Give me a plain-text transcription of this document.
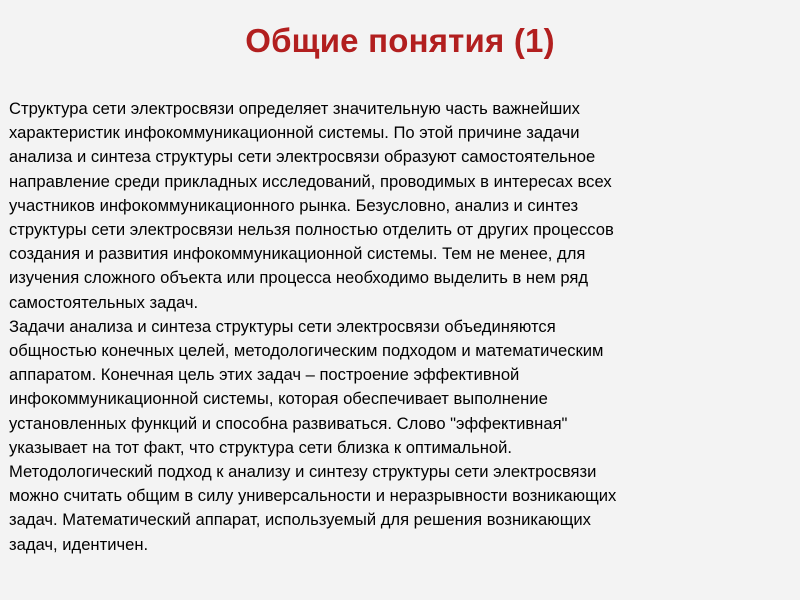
Общие понятия (1)
Структура сети электросвязи определяет значительную часть важнейших
характеристик инфокоммуникационной системы. По этой причине задачи
анализа и синтеза структуры сети электросвязи образуют самостоятельное
направление среди прикладных исследований, проводимых в интересах всех
участников инфокоммуникационного рынка. Безусловно, анализ и синтез
структуры сети электросвязи нельзя полностью отделить от других процессов
создания и развития инфокоммуникационной системы. Тем не менее, для
изучения сложного объекта или процесса необходимо выделить в нем ряд
самостоятельных задач.
Задачи анализа и синтеза структуры сети электросвязи объединяются
общностью конечных целей, методологическим подходом и математическим
аппаратом. Конечная цель этих задач – построение эффективной
инфокоммуникационной системы, которая обеспечивает выполнение
установленных функций и способна развиваться. Слово "эффективная"
указывает на тот факт, что структура сети близка к оптимальной.
Методологический подход к анализу и синтезу структуры сети электросвязи
можно считать общим в силу универсальности и неразрывности возникающих
задач. Математический аппарат, используемый для решения возникающих
задач, идентичен.
